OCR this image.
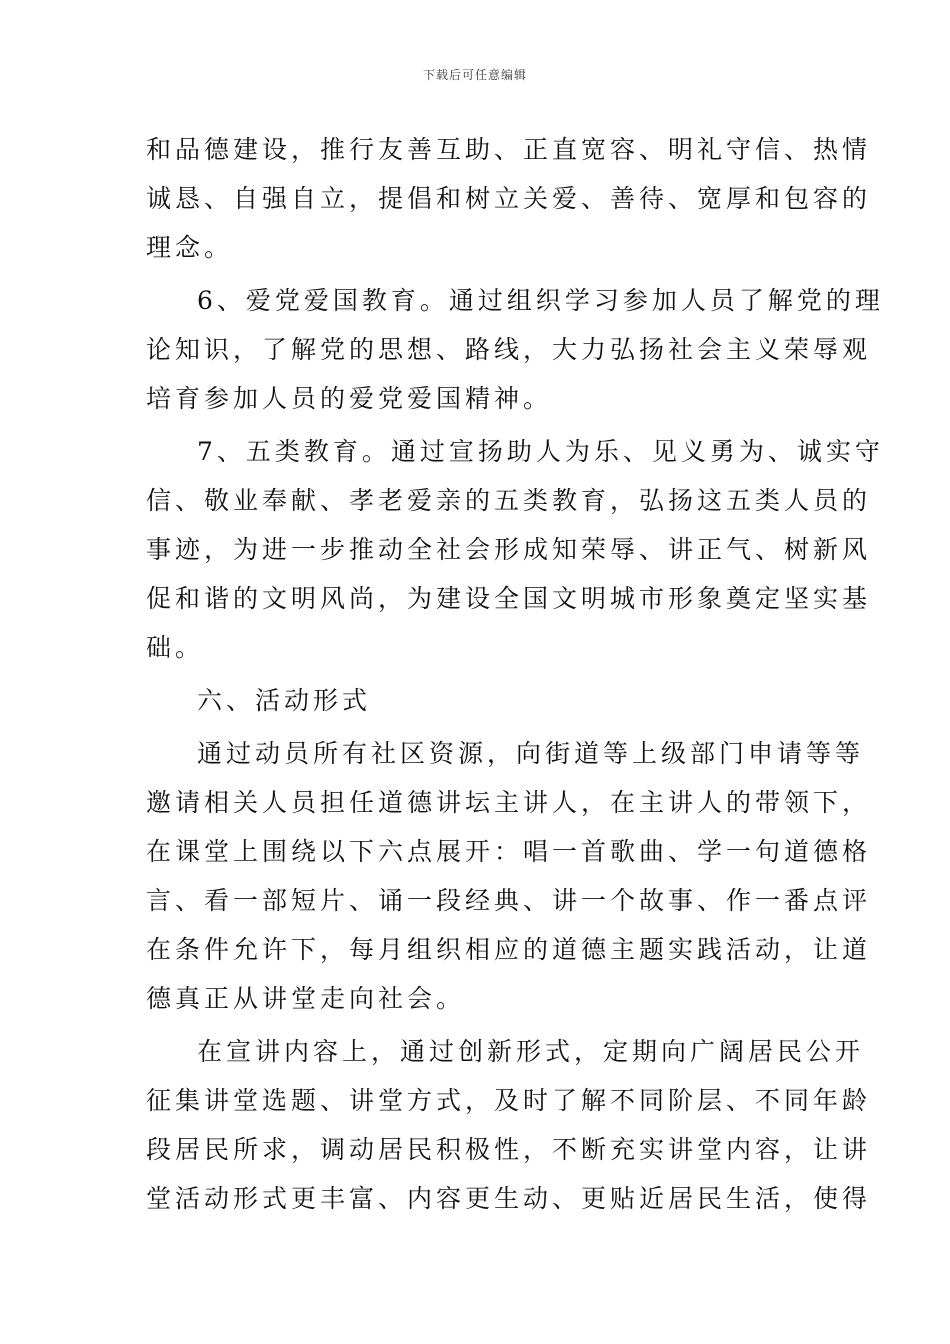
下载后可任意编辑
和品德建设，推行友善互助、正直宽容、明礼守信、热情
诚恳、自强自立，提倡和树立关爱、善待、宽厚和包容的
理念。
6、爱党爱国教育。通过组织学习参加人员了解党的理
论知识，了解党的思想、路线，大力弘扬社会主义荣辱观
培育参加人员的爱党爱国精神。
7、五类教育。通过宣扬助人为乐、见义勇为、诚实守
信、敬业奉献、孝老爱亲的五类教育，弘扬这五类人员的
事迹，为进一步推动全社会形成知荣辱、讲正气、树新风
促和谐的文明风尚，为建设全国文明城市形象奠定坚实基
础。
六、活动形式
通过动员所有社区资源，向街道等上级部门申请等等
邀请相关人员担任道德讲坛主讲人，在主讲人的带领下，
在课堂上围绕以下六点展开：唱一首歌曲、学一句道德格
言、看一部短片、诵一段经典、讲一个故事、作一番点评
在条件允许下，每月组织相应的道德主题实践活动，让道
德真正从讲堂走向社会。
在宣讲内容上，通过创新形式，定期向广阔居民公开
征集讲堂选题、讲堂方式，及时了解不同阶层、不同年龄
段居民所求，调动居民积极性，不断充实讲堂内容，让讲
堂活动形式更丰富、内容更生动、更贴近居民生活，使得
